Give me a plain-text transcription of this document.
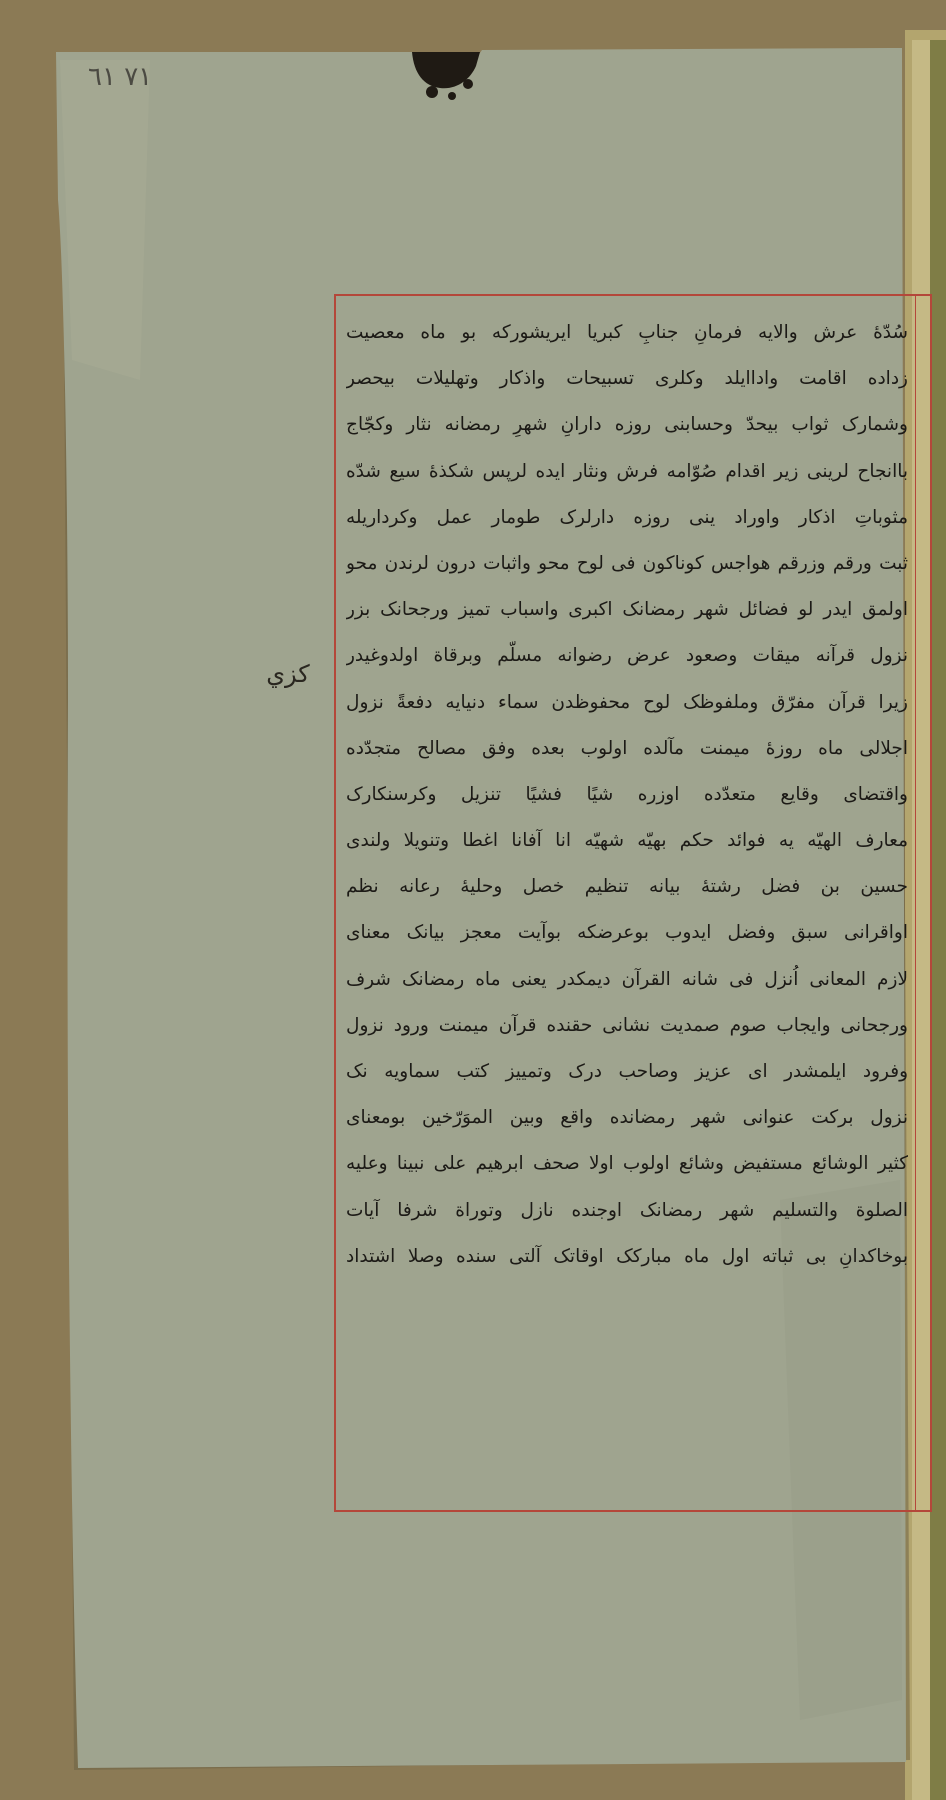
٧١ ٦١
كزي
سُدّهٔ عرش والایه فرمانِ جنابِ کبریا ایریشورکه بو ماه معصیت
زداده اقامت واداایلد وکلری تسبیحات واذکار وتهلیلات بیحصر
وشمارک ثواب بیحدّ وحسابنی روزه دارانِ شهرِ رمضانه نثار وکجّاج
باانجاح لرینی زیر اقدام صُوّامه فرش ونثار ایده لرپس شکذهٔ سیع شدّه
مثوباتِ اذکار واوراد ینی روزه دارلرک طومار عمل وکرداریله
ثبت ورقم وزرقم هواجس کوناکون فی لوح محو واثبات درون لرندن محو
اولمق ایدر لو فضائل شهر رمضانک اکبری واسباب تمیز ورجحانک بزر
نزول قرآنه میقات وصعود عرض رضوانه مسلّم وبرقاة اولدوغیدر
زیرا قرآن مفرّق وملفوظک لوح محفوظدن سماء دنیایه دفعةً نزول
اجلالی ماه روزهٔ میمنت مآلده اولوب بعده وفق مصالح متجدّده
واقتضای وقایع متعدّده اوزره شیًا فشیًا تنزیل وکرسنکارک
معارف الهیّه یه فوائد حکم بهیّه شهیّه انا آفانا اغطا وتنویلا ولندی
حسین بن فضل رشتهٔ بیانه تنظیم خصل وحلیهٔ رعانه نظم
اواقرانی سبق وفضل ایدوب بوعرضکه بوآیت معجز بیانک معنای
لازم المعانی اُنزل فی شانه القرآن دیمکدر یعنی ماه رمضانک شرف
ورجحانی وایجاب صوم صمدیت نشانی حقنده قرآن میمنت ورود نزول
وفرود ایلمشدر ای عزیز وصاحب درک وتمییز کتب سماویه نک
نزول برکت عنوانی شهر رمضانده واقع وبین الموَرّخین بومعنای
کثیر الوشائع مستفیض وشائع اولوب اولا صحف ابرهیم علی نبینا وعلیه
الصلوة والتسلیم شهر رمضانک اوجنده نازل وتوراة شرفا آیات
بوخاکدانِ بی ثباته اول ماه مبارکک اوقاتک آلتی سنده وصلا اشتداد
